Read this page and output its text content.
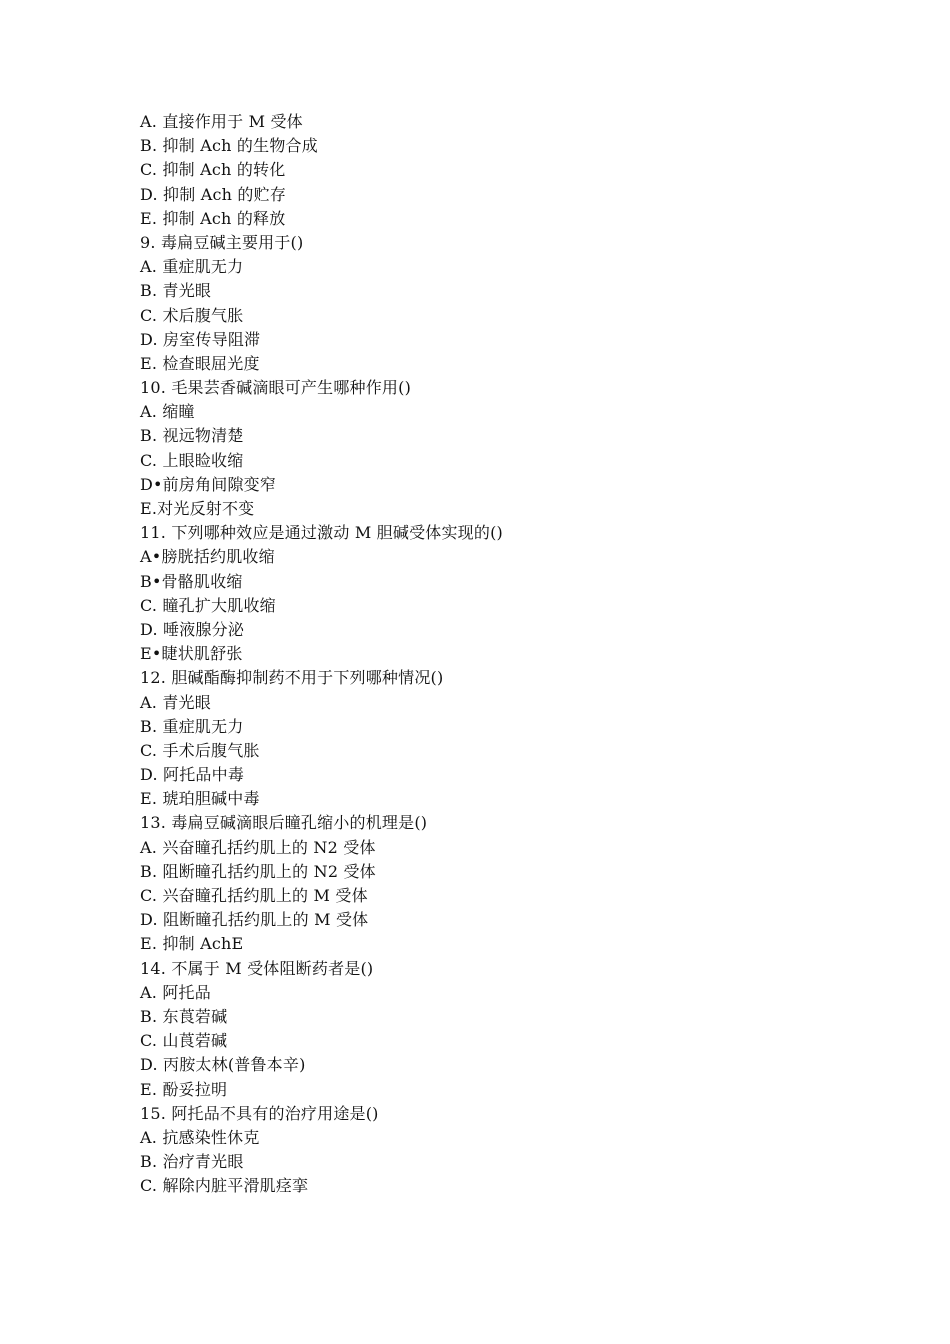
A. 直接作用于 M 受体
B. 抑制 Ach 的生物合成
C. 抑制 Ach 的转化
D. 抑制 Ach 的贮存
E. 抑制 Ach 的释放
9. 毒扁豆碱主要用于()
A. 重症肌无力
B. 青光眼
C. 术后腹气胀
D. 房室传导阻滞
E. 检查眼屈光度
10. 毛果芸香碱滴眼可产生哪种作用()
A. 缩瞳
B. 视远物清楚
C. 上眼睑收缩
D•前房角间隙变窄
E.对光反射不变
11. 下列哪种效应是通过激动 M 胆碱受体实现的()
A•膀胱括约肌收缩
B•骨骼肌收缩
C. 瞳孔扩大肌收缩
D. 唾液腺分泌
E•睫状肌舒张
12. 胆碱酯酶抑制药不用于下列哪种情况()
A. 青光眼
B. 重症肌无力
C. 手术后腹气胀
D. 阿托品中毒
E. 琥珀胆碱中毒
13. 毒扁豆碱滴眼后瞳孔缩小的机理是()
A. 兴奋瞳孔括约肌上的 N2 受体
B. 阻断瞳孔括约肌上的 N2 受体
C. 兴奋瞳孔括约肌上的 M 受体
D. 阻断瞳孔括约肌上的 M 受体
E. 抑制 AchE
14. 不属于 M 受体阻断药者是()
A. 阿托品
B. 东莨菪碱
C. 山莨菪碱
D. 丙胺太林(普鲁本辛)
E. 酚妥拉明
15. 阿托品不具有的治疗用途是()
A. 抗感染性休克
B. 治疗青光眼
C. 解除内脏平滑肌痉挛
